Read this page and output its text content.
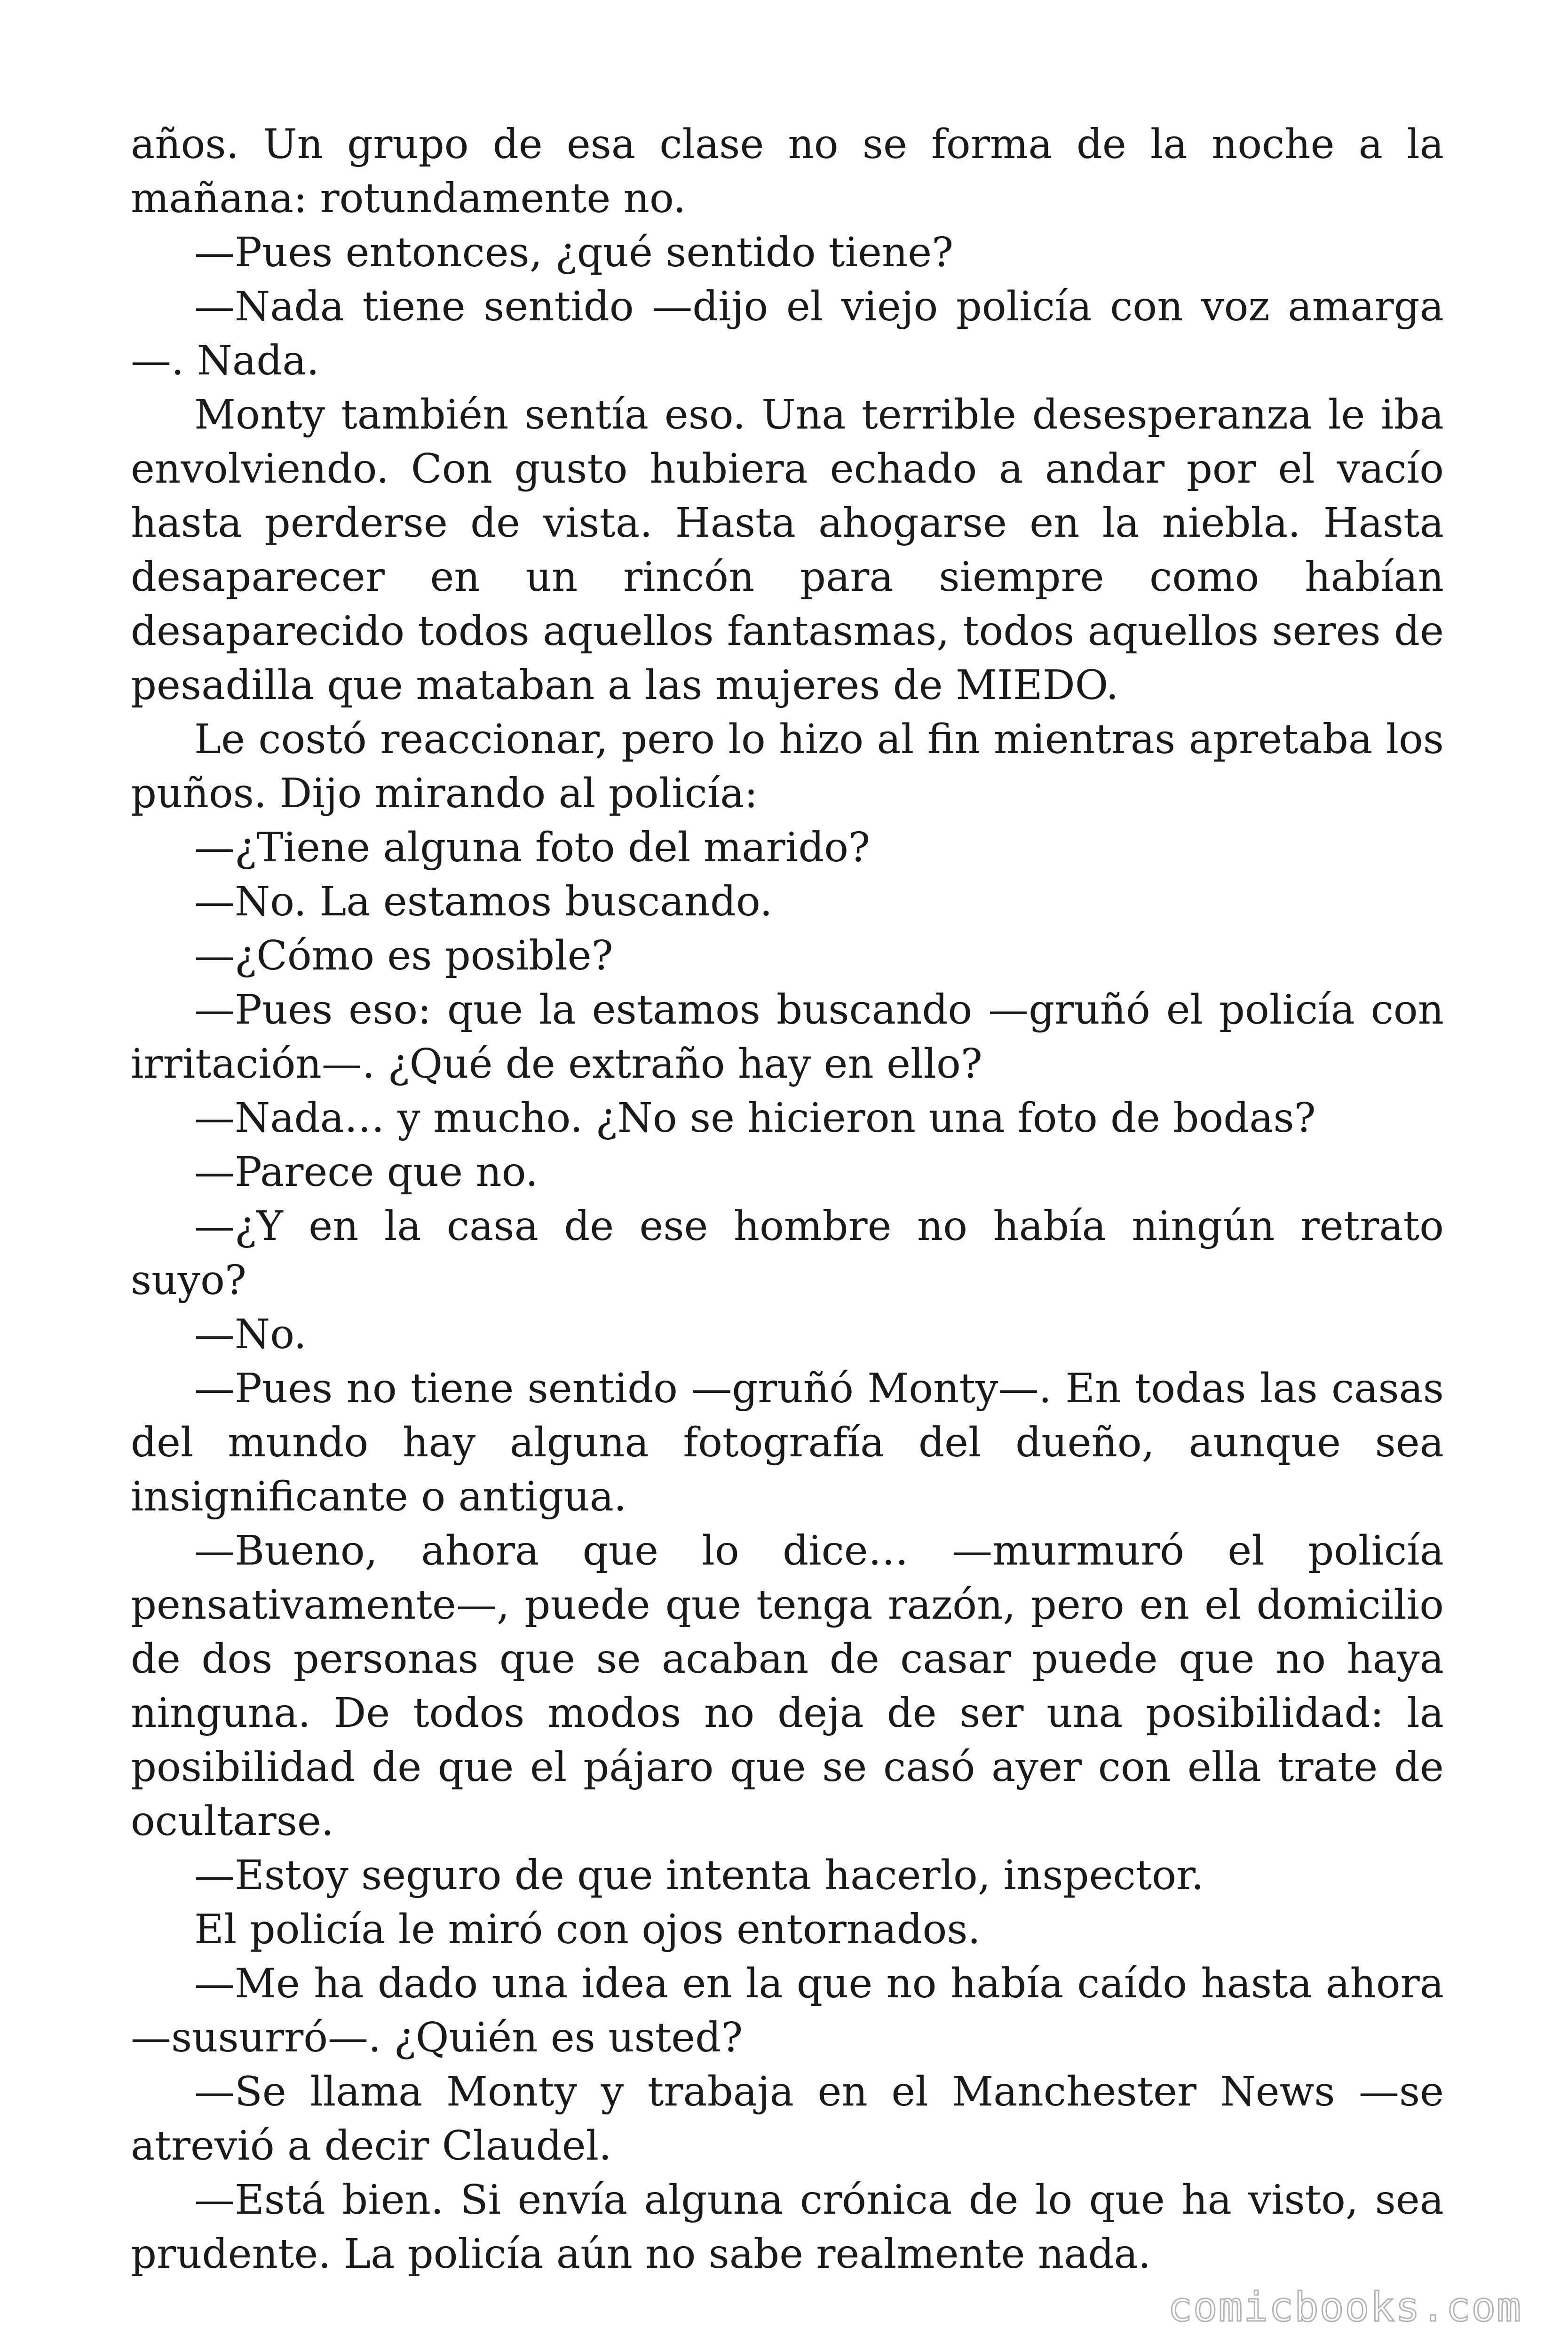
años. Un grupo de esa clase no se forma de la noche a la mañana: rotundamente no.

—Pues entonces, ¿qué sentido tiene?

—Nada tiene sentido —dijo el viejo policía con voz amarga—. Nada.

Monty también sentía eso. Una terrible desesperanza le iba envolviendo. Con gusto hubiera echado a andar por el vacío hasta perderse de vista. Hasta ahogarse en la niebla. Hasta desaparecer en un rincón para siempre como habían desaparecido todos aquellos fantasmas, todos aquellos seres de pesadilla que mataban a las mujeres de MIEDO.

Le costó reaccionar, pero lo hizo al fin mientras apretaba los puños. Dijo mirando al policía:

—¿Tiene alguna foto del marido?

—No. La estamos buscando.

—¿Cómo es posible?

—Pues eso: que la estamos buscando —gruñó el policía con irritación—. ¿Qué de extraño hay en ello?

—Nada… y mucho. ¿No se hicieron una foto de bodas?

—Parece que no.

—¿Y en la casa de ese hombre no había ningún retrato suyo?

—No.

—Pues no tiene sentido —gruñó Monty—. En todas las casas del mundo hay alguna fotografía del dueño, aunque sea insignificante o antigua.

—Bueno, ahora que lo dice… —murmuró el policía pensativamente—, puede que tenga razón, pero en el domicilio de dos personas que se acaban de casar puede que no haya ninguna. De todos modos no deja de ser una posibilidad: la posibilidad de que el pájaro que se casó ayer con ella trate de ocultarse.

—Estoy seguro de que intenta hacerlo, inspector.

El policía le miró con ojos entornados.

—Me ha dado una idea en la que no había caído hasta ahora —susurró—. ¿Quién es usted?

—Se llama Monty y trabaja en el Manchester News —se atrevió a decir Claudel.

—Está bien. Si envía alguna crónica de lo que ha visto, sea prudente. La policía aún no sabe realmente nada.

comicbooks.com
